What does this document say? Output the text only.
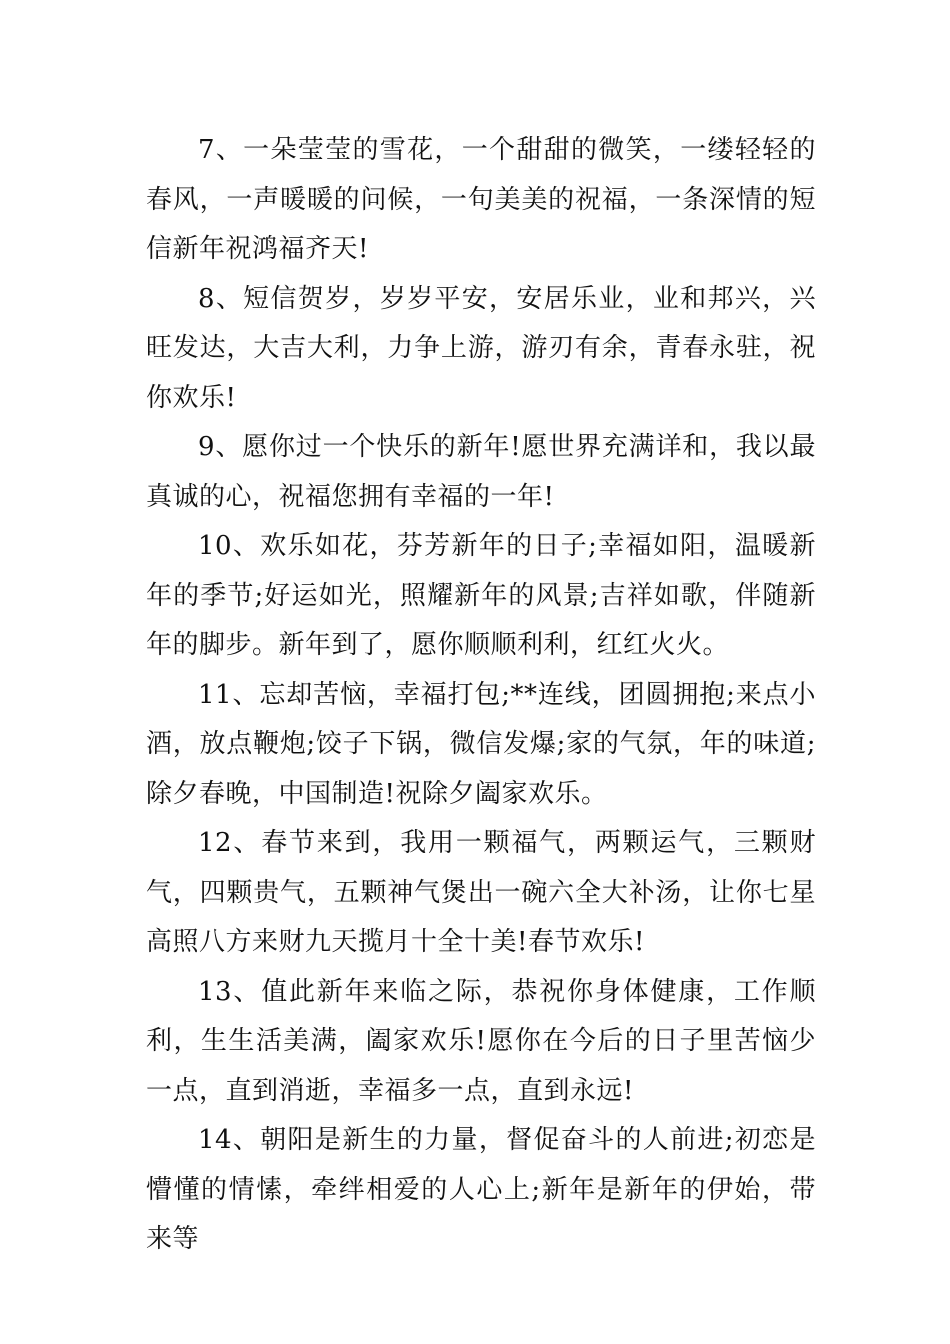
7、一朵莹莹的雪花，一个甜甜的微笑，一缕轻轻的春风，一声暖暖的问候，一句美美的祝福，一条深情的短信新年祝鸿福齐天!

8、短信贺岁，岁岁平安，安居乐业，业和邦兴，兴旺发达，大吉大利，力争上游，游刃有余，青春永驻，祝你欢乐!

9、愿你过一个快乐的新年!愿世界充满详和，我以最真诚的心，祝福您拥有幸福的一年!

10、欢乐如花，芬芳新年的日子;幸福如阳，温暖新年的季节;好运如光，照耀新年的风景;吉祥如歌，伴随新年的脚步。新年到了，愿你顺顺利利，红红火火。

11、忘却苦恼，幸福打包;**连线，团圆拥抱;来点小酒，放点鞭炮;饺子下锅，微信发爆;家的气氛，年的味道;除夕春晚，中国制造!祝除夕阖家欢乐。

12、春节来到，我用一颗福气，两颗运气，三颗财气，四颗贵气，五颗神气煲出一碗六全大补汤，让你七星高照八方来财九天揽月十全十美!春节欢乐!

13、值此新年来临之际，恭祝你身体健康，工作顺利，生生活美满，阖家欢乐!愿你在今后的日子里苦恼少一点，直到消逝，幸福多一点，直到永远!

14、朝阳是新生的力量，督促奋斗的人前进;初恋是懵懂的情愫，牵绊相爱的人心上;新年是新年的伊始，带来等
